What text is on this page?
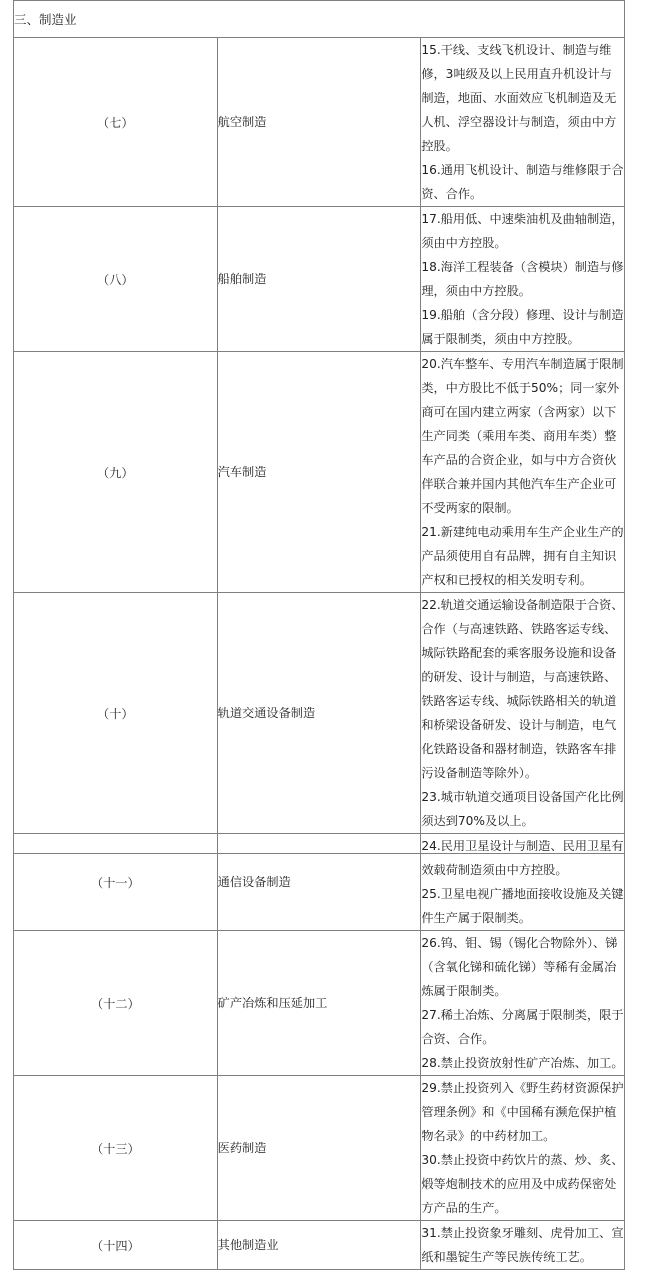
三、制造业		
（七）	航空制造	15.干线、支线飞机设计、制造与维修，3吨级及以上民用直升机设计与制造，地面、水面效应飞机制造及无人机、浮空器设计与制造，须由中方控股。

16.通用飞机设计、制造与维修限于合资、合作。

（八）	船舶制造	17.船用低、中速柴油机及曲轴制造，须由中方控股。

18.海洋工程装备（含模块）制造与修理，须由中方控股。

19.船舶（含分段）修理、设计与制造属于限制类，须由中方控股。

（九）	汽车制造	20.汽车整车、专用汽车制造属于限制类，中方股比不低于50%；同一家外商可在国内建立两家（含两家）以下生产同类（乘用车类、商用车类）整车产品的合资企业，如与中方合资伙伴联合兼并国内其他汽车生产企业可不受两家的限制。

21.新建纯电动乘用车生产企业生产的产品须使用自有品牌，拥有自主知识产权和已授权的相关发明专利。

（十）	轨道交通设备制造	22.轨道交通运输设备制造限于合资、合作（与高速铁路、铁路客运专线、城际铁路配套的乘客服务设施和设备的研发、设计与制造，与高速铁路、铁路客运专线、城际铁路相关的轨道和桥梁设备研发、设计与制造，电气化铁路设备和器材制造，铁路客车排污设备制造等除外）。

23.城市轨道交通项目设备国产化比例须达到70%及以上。

（十一）	通信设备制造	24.民用卫星设计与制造、民用卫星有效载荷制造须由中方控股。

25.卫星电视广播地面接收设施及关键件生产属于限制类。

（十二）	矿产冶炼和压延加工	26.钨、钼、锡（锡化合物除外）、锑（含氧化锑和硫化锑）等稀有金属冶炼属于限制类。

27.稀土冶炼、分离属于限制类，限于合资、合作。

28.禁止投资放射性矿产冶炼、加工。

（十三）	医药制造	29.禁止投资列入《野生药材资源保护管理条例》和《中国稀有濒危保护植物名录》的中药材加工。

30.禁止投资中药饮片的蒸、炒、炙、煅等炮制技术的应用及中成药保密处方产品的生产。

（十四）	其他制造业	31.禁止投资象牙雕刻、虎骨加工、宣纸和墨锭生产等民族传统工艺。
